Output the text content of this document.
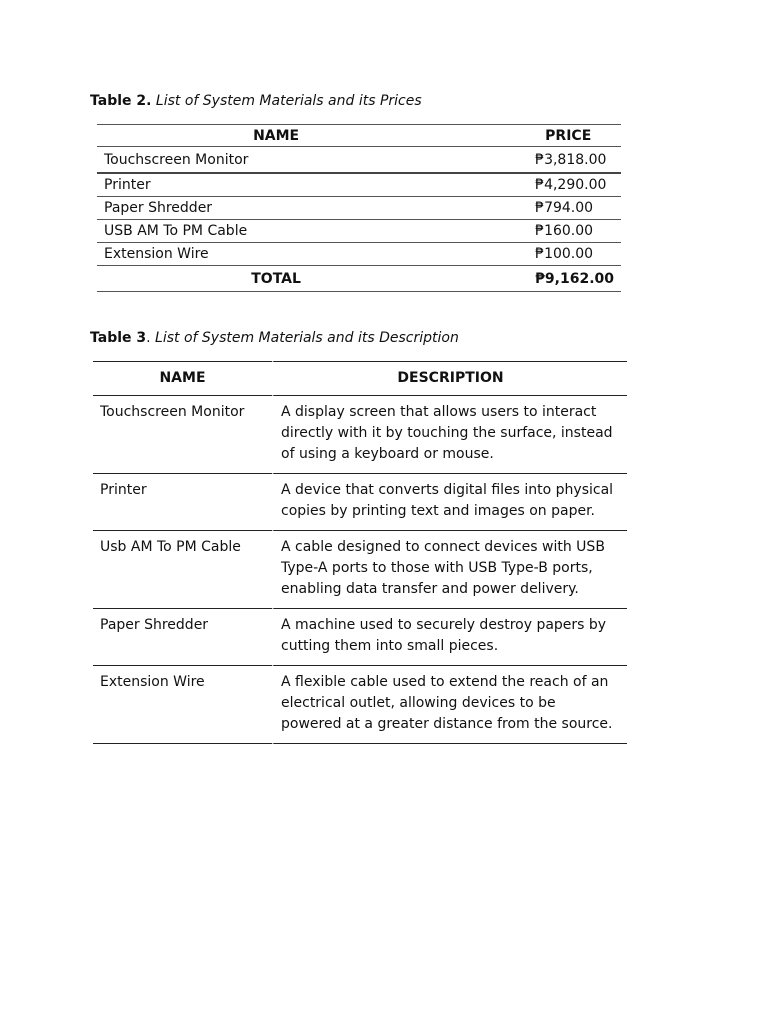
Table 2. List of System Materials and its Prices
NAME	PRICE
Touchscreen Monitor	₱3,818.00
Printer	₱4,290.00
Paper Shredder	₱794.00
USB AM To PM Cable	₱160.00
Extension Wire	₱100.00
TOTAL	₱9,162.00
Table 3. List of System Materials and its Description
NAME	DESCRIPTION
Touchscreen Monitor	A display screen that allows users to interact directly with it by touching the surface, instead of using a keyboard or mouse.
Printer	A device that converts digital files into physical copies by printing text and images on paper.
Usb AM To PM Cable	A cable designed to connect devices with USB Type-A ports to those with USB Type-B ports, enabling data transfer and power delivery.
Paper Shredder	A machine used to securely destroy papers by cutting them into small pieces.
Extension Wire	A flexible cable used to extend the reach of an electrical outlet, allowing devices to be powered at a greater distance from the source.
